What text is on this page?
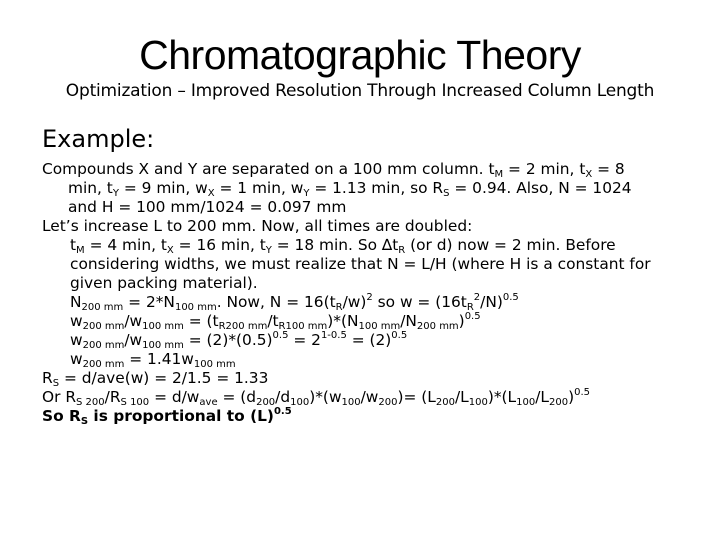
Chromatographic Theory
Optimization – Improved Resolution Through Increased Column Length
Example:
Compounds X and Y are separated on a 100 mm column. $t_M = 2$ min, $t_X = 8$
min, $t_Y = 9$ min, $w_X = 1$ min, $w_Y = 1.13$ min, so $R_S = 0.94$. Also, N = 1024
and H = 100 mm/1024 = 0.097 mm
Let’s increase L to 200 mm. Now, all times are doubled:
$t_M = 4$ min, $t_X = 16$ min, $t_Y = 18$ min. So $\Delta t_R$ (or d) now = 2 min. Before
considering widths, we must realize that N = L/H (where H is a constant for
given packing material).
$N_{200 mm} = 2*N_{100 mm}$. Now, $N = 16(t_R/w)^2$ so $w = (16t_R^2/N)^{0.5}$
$w_{200 mm}/w_{100 mm} = (t_{R200 mm}/t_{R100 mm})*(N_{100 mm}/N_{200 mm})^{0.5}$
$w_{200 mm}/w_{100 mm} = (2)*(0.5)^{0.5} = 2^{1-0.5} = (2)^{0.5}$
$w_{200 mm} = 1.41w_{100 mm}$
$R_S = d/ave(w) = 2/1.5 = 1.33$
Or $R_{S 200}/R_{S 100} = d/w_{ave} = (d_{200}/d_{100})*(w_{100}/w_{200})= (L_{200}/L_{100})*(L_{100}/L_{200})^{0.5}$
So $R_S$ is proportional to $(L)^{0.5}$
